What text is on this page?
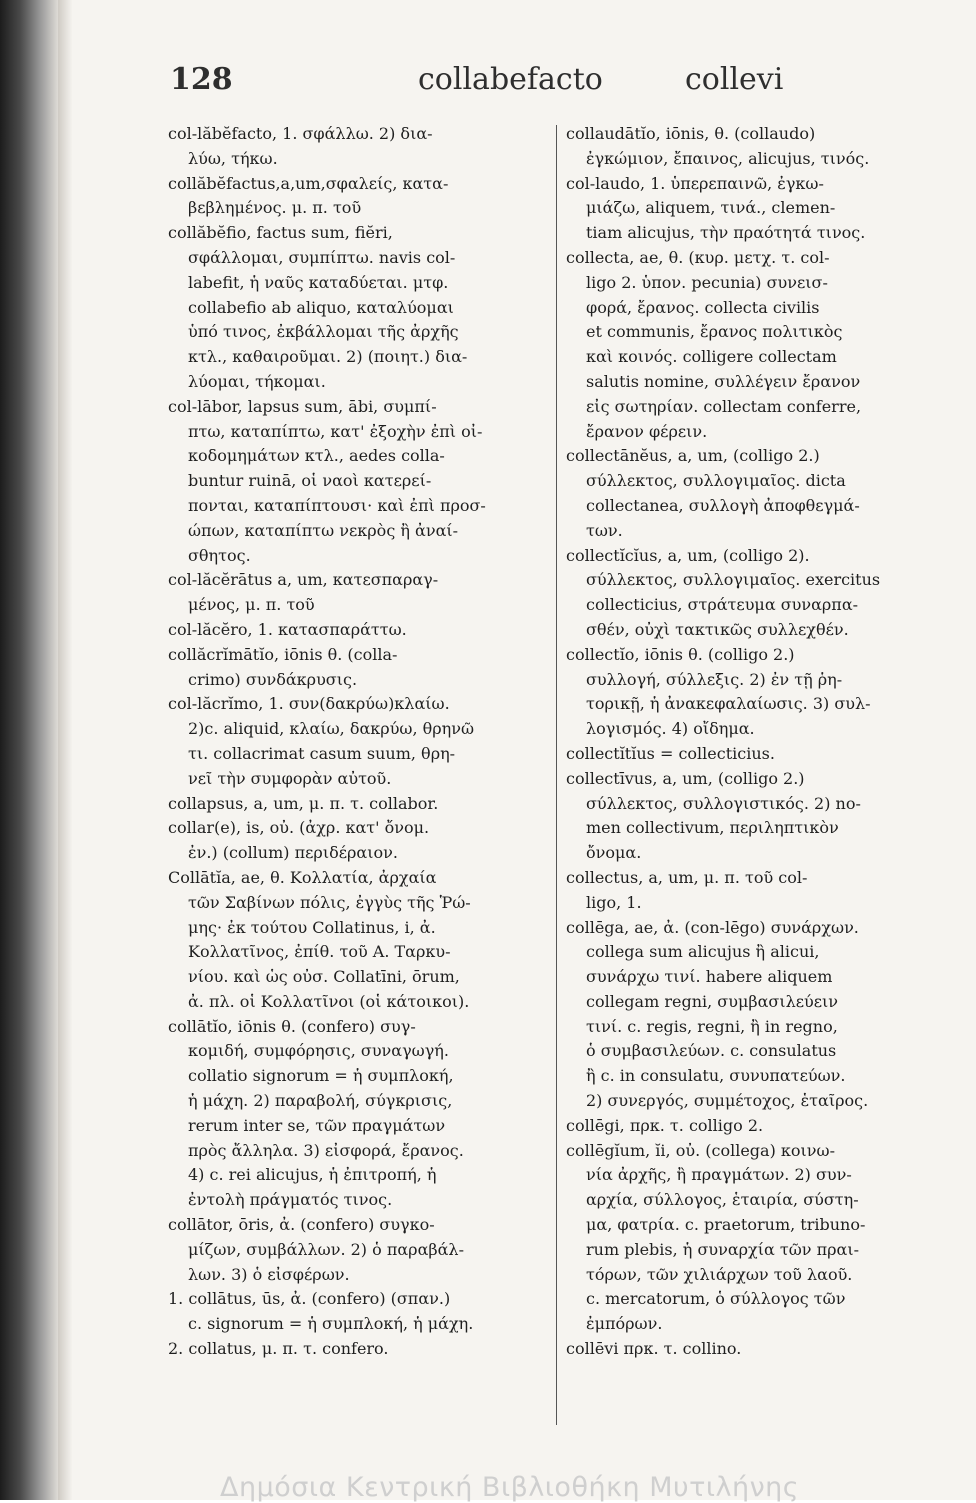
128	collabefacto	collevi
col-lăbĕfacto, 1. σφάλλω. 2) δια-
λύω, τήκω.
collăbĕfactus,a,um,σφαλείς, κατα-
βεβλημένος. μ. π. τοῦ
collăbĕfio, factus sum, fiĕri,
σφάλλομαι, συμπίπτω. navis col-
labefit, ἡ ναῦς καταδύεται. μτφ.
collabefio ab aliquo, καταλύομαι
ὑπό τινος, ἐκβάλλομαι τῆς ἀρχῆς
κτλ., καθαιροῦμαι. 2) (ποιητ.) δια-
λύομαι, τήκομαι.
col-lābor, lapsus sum, ābi, συμπί-
πτω, καταπίπτω, κατ' ἐξοχὴν ἐπὶ οἰ-
κοδομημάτων κτλ., aedes colla-
buntur ruinā, οἱ ναοὶ κατερεί-
πονται, καταπίπτουσι· καὶ ἐπὶ προσ-
ώπων, καταπίπτω νεκρὸς ἢ ἀναί-
σθητος.
col-lăcĕrātus a, um, κατεσπαραγ-
μένος, μ. π. τοῦ
col-lăcĕro, 1. κατασπαράττω.
collăcrĭmātĭo, iōnis θ. (colla-
crimo) συνδάκρυσις.
col-lăcrĭmo, 1. συν(δακρύω)κλαίω.
2)c. aliquid, κλαίω, δακρύω, θρηνῶ
τι. collacrimat casum suum, θρη-
νεῖ τὴν συμφορὰν αὐτοῦ.
collapsus, a, um, μ. π. τ. collabor.
collar(e), is, οὐ. (ἀχρ. κατ' ὄνομ.
ἐν.) (collum) περιδέραιον.
Collātĭa, ae, θ. Κολλατία, ἀρχαία
τῶν Σαβίνων πόλις, ἐγγὺς τῆς Ῥώ-
μης· ἐκ τούτου Collatinus, i, ἀ.
Κολλατῖνος, ἐπίθ. τοῦ Α. Ταρκυ-
νίου. καὶ ὡς οὐσ. Collatīni, ōrum,
ἀ. πλ. οἱ Κολλατῖνοι (οἱ κάτοικοι).
collātĭo, iōnis θ. (confero) συγ-
κομιδή, συμφόρησις, συναγωγή.
collatio signorum = ἡ συμπλοκή,
ἡ μάχη. 2) παραβολή, σύγκρισις,
rerum inter se, τῶν πραγμάτων
πρὸς ἄλληλα. 3) εἰσφορά, ἔρανος.
4) c. rei alicujus, ἡ ἐπιτροπή, ἡ
ἐντολὴ πράγματός τινος.
collātor, ōris, ἀ. (confero) συγκο-
μίζων, συμβάλλων. 2) ὁ παραβάλ-
λων. 3) ὁ εἰσφέρων.
1. collātus, ūs, ἀ. (confero) (σπαν.)
c. signorum = ἡ συμπλοκή, ἡ μάχη.
2. collatus, μ. π. τ. confero.
collaudātĭo, iōnis, θ. (collaudo)
ἐγκώμιον, ἔπαινος, alicujus, τινός.
col-laudo, 1. ὑπερεπαινῶ, ἐγκω-
μιάζω, aliquem, τινά., clemen-
tiam alicujus, τὴν πραότητά τινος.
collecta, ae, θ. (κυρ. μετχ. τ. col-
ligo 2. ὑπον. pecunia) συνεισ-
φορά, ἔρανος. collecta civilis
et communis, ἔρανος πολιτικὸς
καὶ κοινός. colligere collectam
salutis nomine, συλλέγειν ἔρανον
εἰς σωτηρίαν. collectam conferre,
ἔρανον φέρειν.
collectānĕus, a, um, (colligo 2.)
σύλλεκτος, συλλογιμαῖος. dicta
collectanea, συλλογὴ ἀποφθεγμά-
των.
collectĭcĭus, a, um, (colligo 2).
σύλλεκτος, συλλογιμαῖος. exercitus
collecticius, στράτευμα συναρπα-
σθέν, οὐχὶ τακτικῶς συλλεχθέν.
collectĭo, iōnis θ. (colligo 2.)
συλλογή, σύλλεξις. 2) ἐν τῇ ῥη-
τορικῇ, ἡ ἀνακεφαλαίωσις. 3) συλ-
λογισμός. 4) οἴδημα.
collectĭtĭus = collecticius.
collectīvus, a, um, (colligo 2.)
σύλλεκτος, συλλογιστικός. 2) no-
men collectivum, περιληπτικὸν
ὄνομα.
collectus, a, um, μ. π. τοῦ col-
ligo, 1.
collēga, ae, ἀ. (con-lēgo) συνάρχων.
collega sum alicujus ἢ alicui,
συνάρχω τινί. habere aliquem
collegam regni, συμβασιλεύειν
τινί. c. regis, regni, ἢ in regno,
ὁ συμβασιλεύων. c. consulatus
ἢ c. in consulatu, συνυπατεύων.
2) συνεργός, συμμέτοχος, ἑταῖρος.
collēgi, πρκ. τ. colligo 2.
collēgĭum, ĭi, οὐ. (collega) κοινω-
νία ἀρχῆς, ἢ πραγμάτων. 2) συν-
αρχία, σύλλογος, ἑταιρία, σύστη-
μα, φατρία. c. praetorum, tribuno-
rum plebis, ἡ συναρχία τῶν πραι-
τόρων, τῶν χιλιάρχων τοῦ λαοῦ.
c. mercatorum, ὁ σύλλογος τῶν
ἐμπόρων.
collēvi πρκ. τ. collino.
Δημόσια Κεντρική Βιβλιοθήκη Μυτιλήνης
